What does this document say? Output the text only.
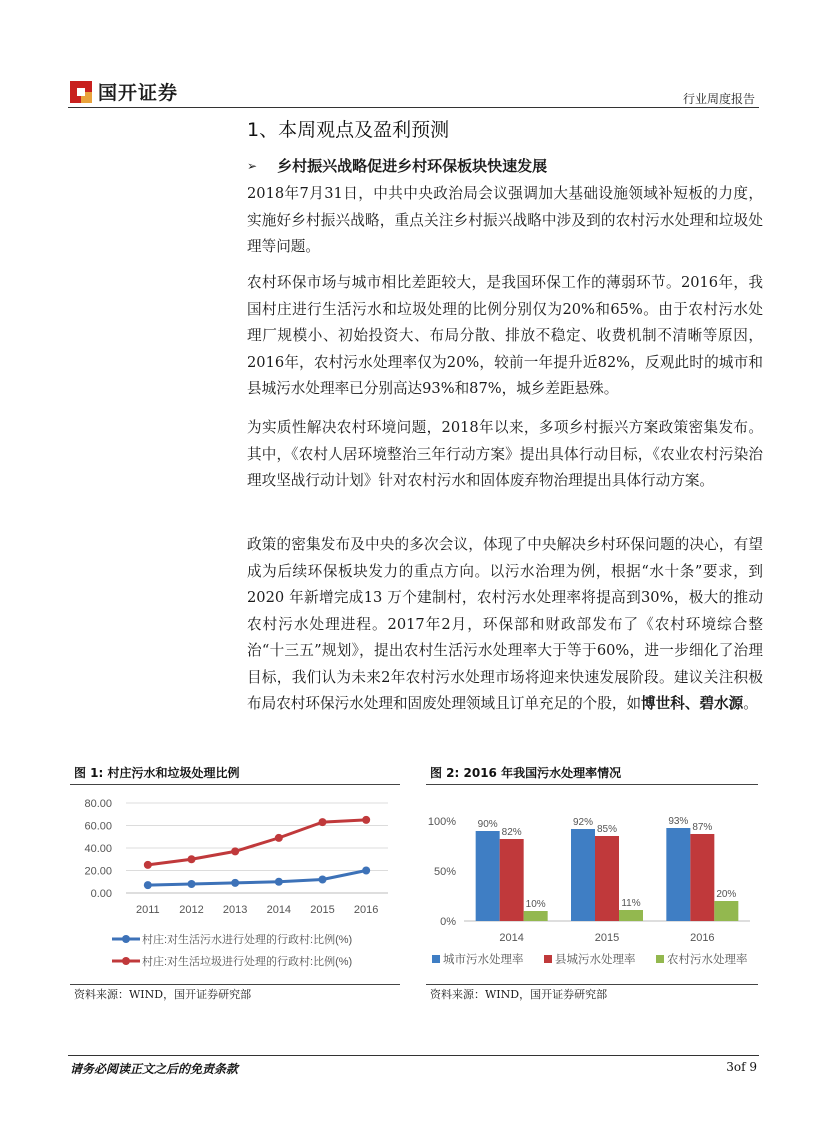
国开证券	行业周度报告
1、本周观点及盈利预测
➢ 乡村振兴战略促进乡村环保板块快速发展

2018年7月31日，中共中央政治局会议强调加大基础设施领域补短板的力度，实施好乡村振兴战略，重点关注乡村振兴战略中涉及到的农村污水处理和垃圾处理等问题。

农村环保市场与城市相比差距较大，是我国环保工作的薄弱环节。2016年，我国村庄进行生活污水和垃圾处理的比例分别仅为20%和65%。由于农村污水处理厂规模小、初始投资大、布局分散、排放不稳定、收费机制不清晰等原因，2016年，农村污水处理率仅为20%，较前一年提升近82%，反观此时的城市和县城污水处理率已分别高达93%和87%，城乡差距悬殊。

为实质性解决农村环境问题，2018年以来，多项乡村振兴方案政策密集发布。其中，《农村人居环境整治三年行动方案》提出具体行动目标，《农业农村污染治理攻坚战行动计划》针对农村污水和固体废弃物治理提出具体行动方案。

政策的密集发布及中央的多次会议，体现了中央解决乡村环保问题的决心，有望成为后续环保板块发力的重点方向。以污水治理为例，根据“水十条”要求，到2020 年新增完成13 万个建制村，农村污水处理率将提高到30%，极大的推动农村污水处理进程。2017年2月，环保部和财政部发布了《农村环境综合整治“十三五”规划》，提出农村生活污水处理率大于等于60%，进一步细化了治理目标，我们认为未来2年农村污水处理市场将迎来快速发展阶段。建议关注积极布局农村环保污水处理和固废处理领域且订单充足的个股，如博世科、碧水源。

图 1: 村庄污水和垃圾处理比例
0.00
20.00
40.00
60.00
80.00
2011 2012 2013 2014 2015 2016
村庄:对生活污水进行处理的行政村:比例(%)
村庄:对生活垃圾进行处理的行政村:比例(%)
资料来源：WIND，国开证券研究部
图 2: 2016 年我国污水处理率情况
0%
50%
100% 90%
82%
10%
2014
92%
85%
11%
2015
93%
87%
20%
2016
城市污水处理率	县城污水处理率	农村污水处理率
资料来源：WIND，国开证券研究部
请务必阅读正文之后的免责条款	3of 9
